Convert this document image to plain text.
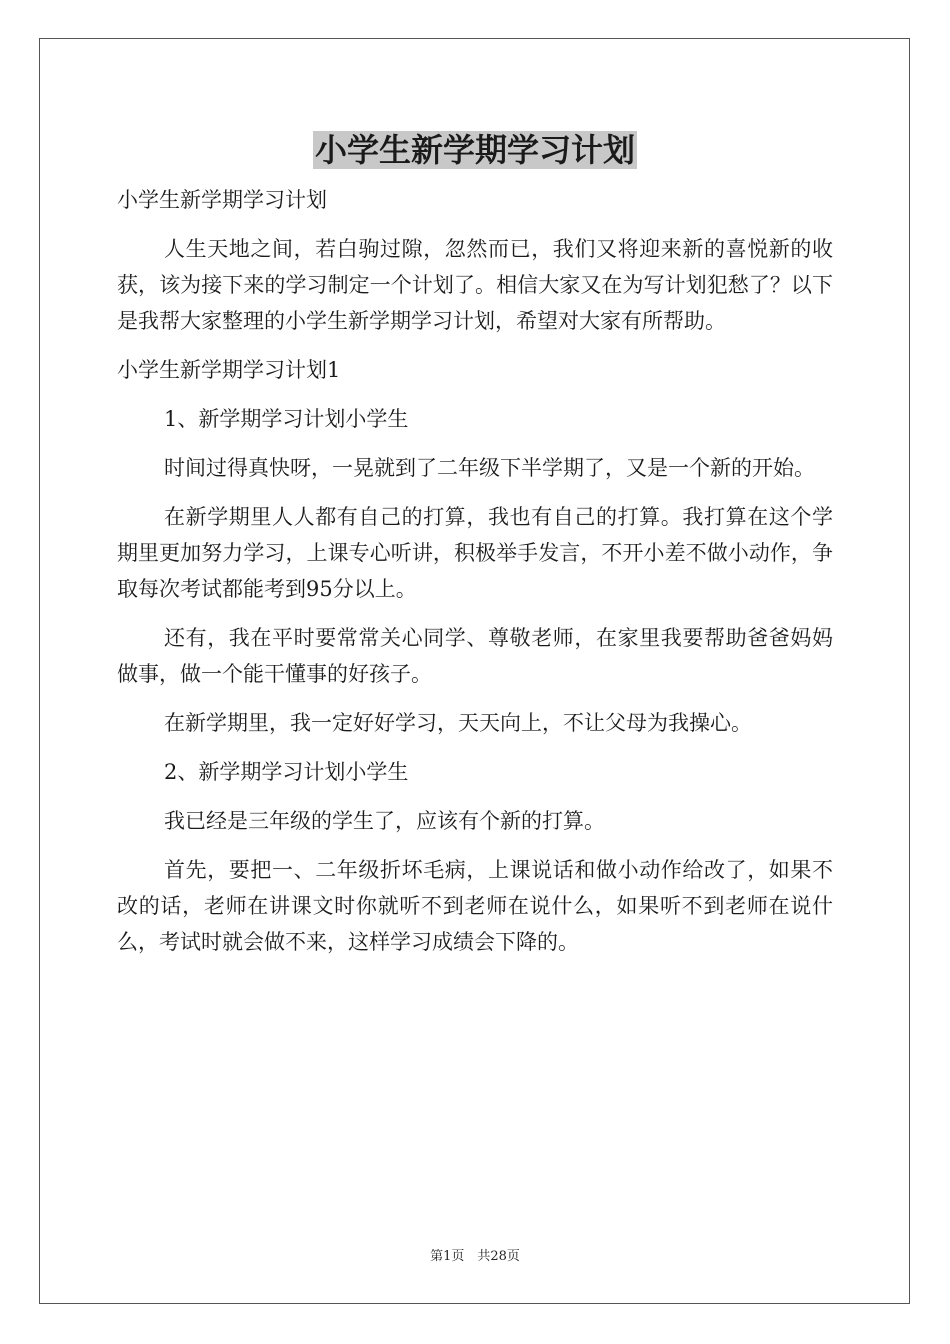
小学生新学期学习计划

小学生新学期学习计划

人生天地之间，若白驹过隙，忽然而已，我们又将迎来新的喜悦新的收获，该为接下来的学习制定一个计划了。相信大家又在为写计划犯愁了？以下是我帮大家整理的小学生新学期学习计划，希望对大家有所帮助。

小学生新学期学习计划1

1、新学期学习计划小学生

时间过得真快呀，一晃就到了二年级下半学期了，又是一个新的开始。

在新学期里人人都有自己的打算，我也有自己的打算。我打算在这个学期里更加努力学习，上课专心听讲，积极举手发言，不开小差不做小动作，争取每次考试都能考到95分以上。

还有，我在平时要常常关心同学、尊敬老师，在家里我要帮助爸爸妈妈做事，做一个能干懂事的好孩子。

在新学期里，我一定好好学习，天天向上，不让父母为我操心。

2、新学期学习计划小学生

我已经是三年级的学生了，应该有个新的打算。

首先，要把一、二年级折坏毛病，上课说话和做小动作给改了，如果不改的话，老师在讲课文时你就听不到老师在说什么，如果听不到老师在说什么，考试时就会做不来，这样学习成绩会下降的。

第1页　共28页
